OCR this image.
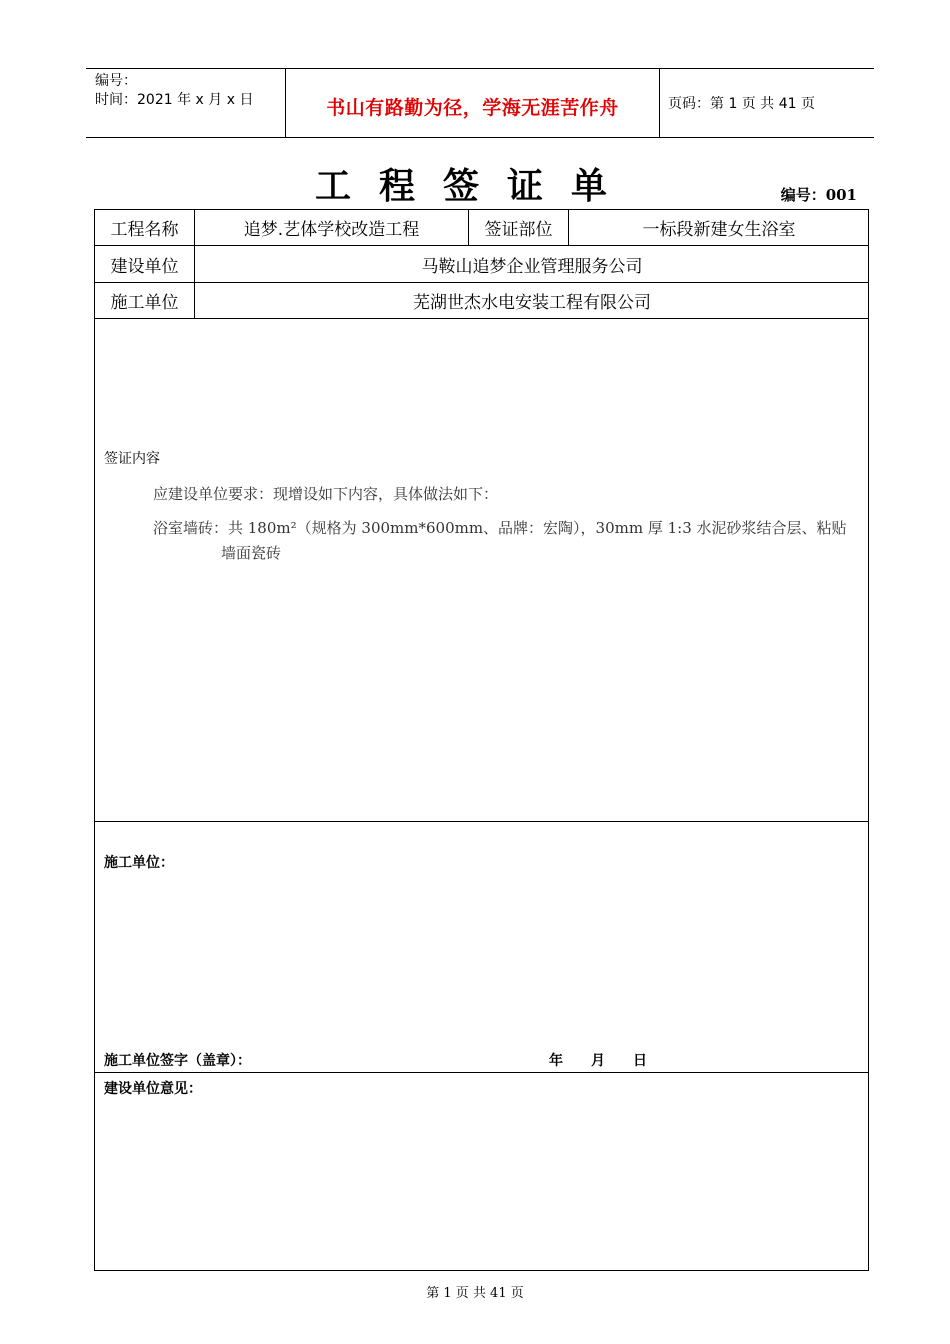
编号：
时间：2021 年 x 月 x 日	书山有路勤为径，学海无涯苦作舟	页码：第 1 页 共 41 页
工程签证单	编号：001
工程名称	追梦.艺体学校改造工程	签证部位	一标段新建女生浴室
建设单位	马鞍山追梦企业管理服务公司
施工单位	芜湖世杰水电安装工程有限公司
签证内容
应建设单位要求：现增设如下内容，具体做法如下：
浴室墙砖：共 180m²（规格为 300mm*600mm、品牌：宏陶），30mm 厚 1:3 水泥砂浆结合层、粘贴
墙面瓷砖
施工单位：
施工单位签字（盖章）：	年 月 日
建设单位意见：
第 1 页 共 41 页
